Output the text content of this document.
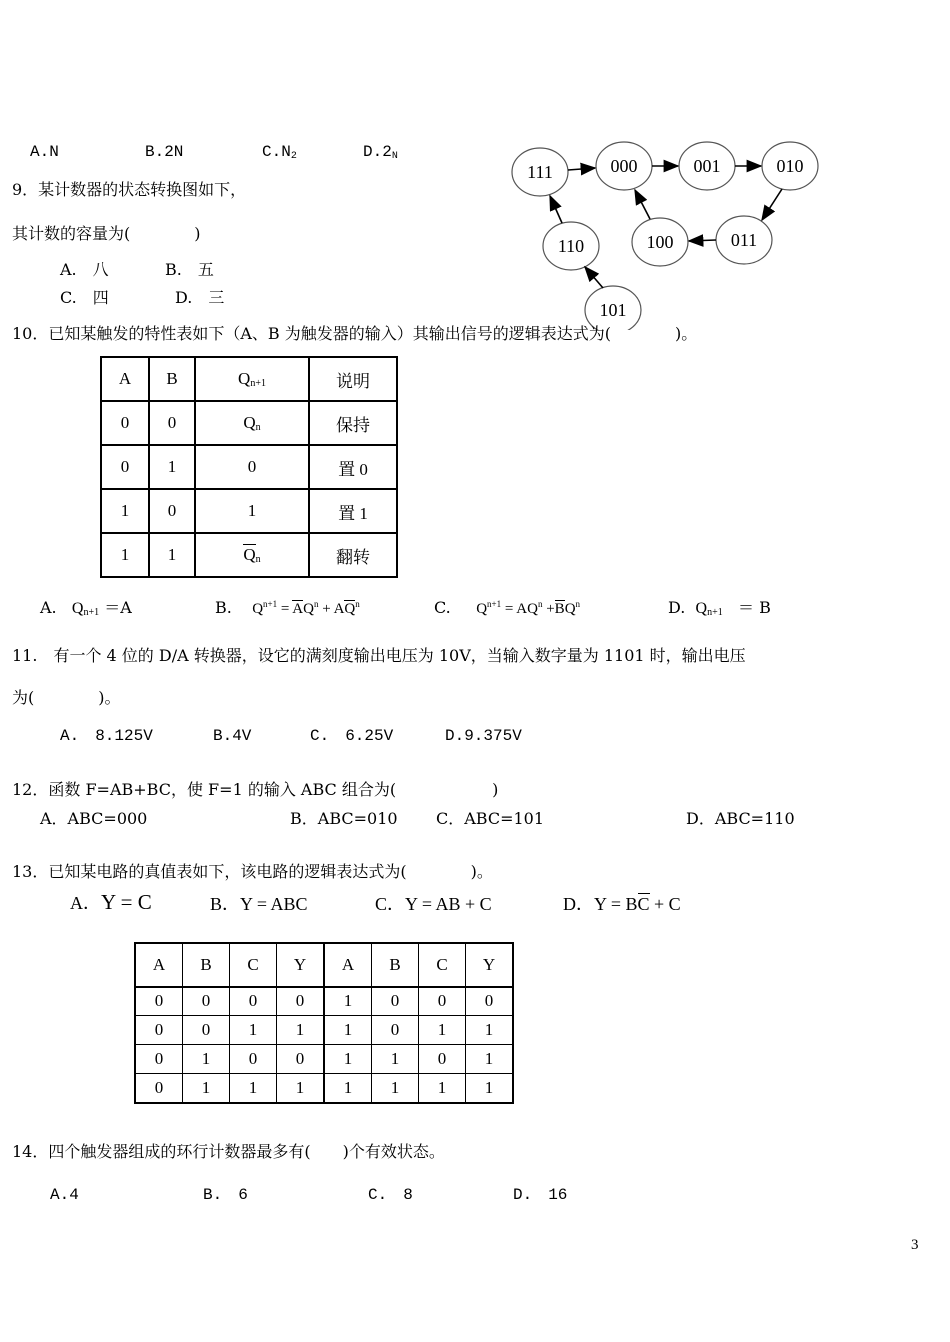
A.N	B.2N	$C.N_2$	$D.2_N$
9．某计数器的状态转换图如下，
其计数的容量为(　　　　)
A.　八	B.　五
C.　四	D.　三
111	000	001	010
110	100	011
101
10．已知某触发的特性表如下（A、B 为触发器的输入）其输出信号的逻辑表达式为(　　　　)。
A	B	$Q_{n+1}$	说明
0	0	$Q_n$	保持
0	1	0	置 0
1	0	1	置 1
1	1	$Q_n$	翻转
A. $Q_{n+1} =A$	B. $Q^{n+1} = AQ^n + AQ^n$	C. $Q^{n+1} = AQ^n +BQ^n$	D. $Q_{n+1} = B$
11.　有一个 4 位的 D/A 转换器，设它的满刻度输出电压为 10V，当输入数字量为 1101 时，输出电压
为(　　　　)。
A.　8.125V	B.4V	C.　6.25V	D.9.375V
12．函数 F=AB+BC，使 F=1 的输入 ABC 组合为(　　　　　　)
A．ABC=000	B．ABC=010 C．ABC=101	D．ABC=110
13．已知某电路的真值表如下，该电路的逻辑表达式为(　　　　)。
A．Y = C	B．Y = ABC	C．Y = AB + C	D．Y = BC + C
A	B	C	Y	A	B	C	Y
0	0	0	0	1	0	0	0
0	0	1	1	1	0	1	1
0	1	0	0	1	1	0	1
0	1	1	1	1	1	1	1
14．四个触发器组成的环行计数器最多有(　　)个有效状态。
A.4	B.　6	C.　8	D.　16
3
